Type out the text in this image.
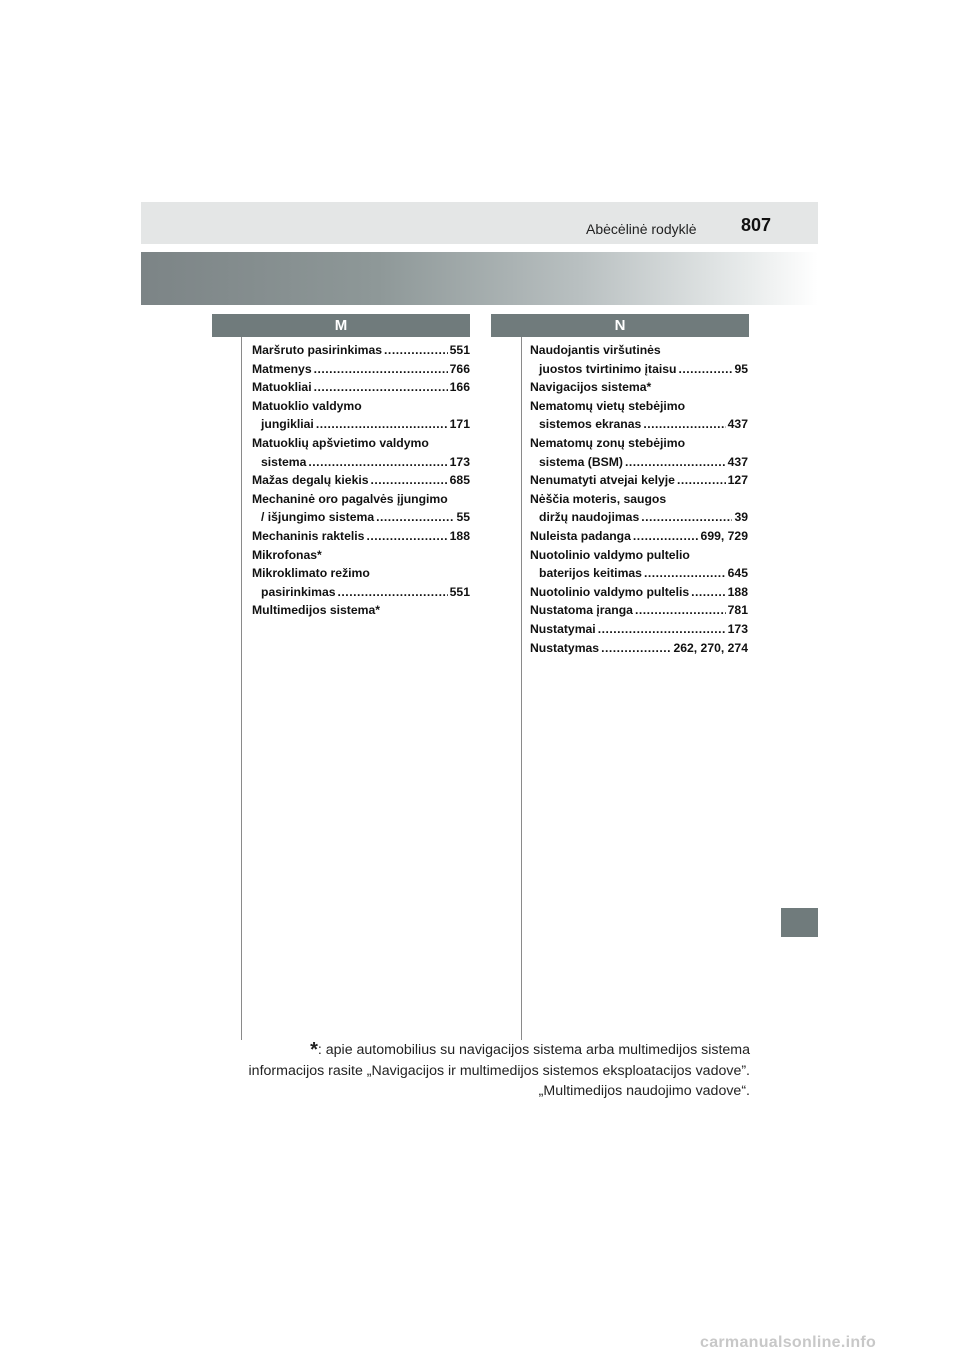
Abėcėlinė rodyklė 807
M	N
Maršruto pasirinkimas .....	551
Matmenys .....	766
Matuokliai .....	166
Matuoklio valdymo
jungikliai .....	171
Matuoklių apšvietimo valdymo
sistema .....	173
Mažas degalų kiekis .....	685
Mechaninė oro pagalvės įjungimo
/ išjungimo sistema .....	55
Mechaninis raktelis .....	188
Mikrofonas*
Mikroklimato režimo
pasirinkimas .....	551
Multimedijos sistema*
Naudojantis viršutinės
juostos tvirtinimo įtaisu .....	95
Navigacijos sistema*
Nematomų vietų stebėjimo
sistemos ekranas .....	437
Nematomų zonų stebėjimo
sistema (BSM) .....	437
Nenumatyti atvejai kelyje .....	127
Nėščia moteris, saugos
diržų naudojimas .....	39
Nuleista padanga .....	699, 729
Nuotolinio valdymo pultelio
baterijos keitimas .....	645
Nuotolinio valdymo pultelis .....	188
Nustatoma įranga .....	781
Nustatymai .....	173
Nustatymas .....	262, 270, 274
*: apie automobilius su navigacijos sistema arba multimedijos sistema
informacijos rasite „Navigacijos ir multimedijos sistemos eksploatacijos vadove”.
„Multimedijos naudojimo vadove“.
carmanualsonline.info
